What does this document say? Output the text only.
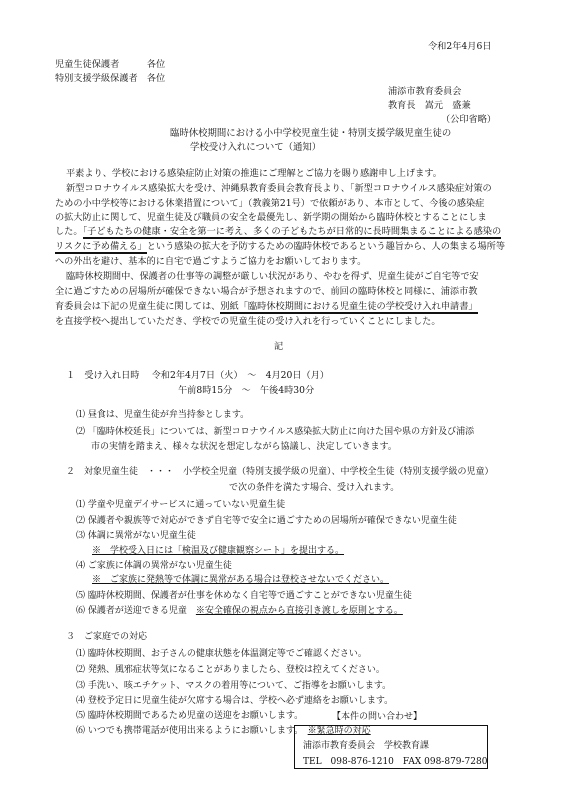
令和2年4月6日
児童生徒保護者　　　各位
特別支援学級保護者　各位
浦添市教育委員会
教育長　嵩元　盛兼
（公印省略）
臨時休校期間における小中学校児童生徒・特別支援学級児童生徒の
学校受け入れについて（通知）
平素より、学校における感染症防止対策の推進にご理解とご協力を賜り感謝申し上げます。
新型コロナウイルス感染拡大を受け、沖縄県教育委員会教育長より、「新型コロナウイルス感染症対策の
ための小中学校等における休業措置について」（教義第21号）で依頼があり、本市として、今後の感染症
の拡大防止に関して、児童生徒及び職員の安全を最優先し、新学期の開始から臨時休校とすることにしま
した。「子どもたちの健康・安全を第一に考え、多くの子どもたちが日常的に長時間集まることによる感染の
リスクに予め備える」という感染の拡大を予防するための臨時休校であるという趣旨から、人の集まる場所等
への外出を避け、基本的に自宅で過ごすようご協力をお願いしております。
臨時休校期間中、保護者の仕事等の調整が厳しい状況があり、やむを得ず、児童生徒がご自宅等で安
全に過ごすための居場所が確保できない場合が予想されますので、前回の臨時休校と同様に、浦添市教
育委員会は下記の児童生徒に関しては、別紙「臨時休校期間における児童生徒の学校受け入れ申請書」
を直接学校へ提出していただき、学校での児童生徒の受け入れを行っていくことにしました。
記
１　受け入れ日時　 令和2年4月7日（火）　～　4月20日（月）
午前8時15分　～　午後4時30分
⑴ 昼食は、児童生徒が弁当持参とします。
⑵ 「臨時休校延長」については、新型コロナウイルス感染拡大防止に向けた国や県の方針及び浦添
市の実情を踏まえ、様々な状況を想定しながら協議し、決定していきます。
２　対象児童生徒　・・・　小学校全児童（特別支援学級の児童）、中学校全生徒（特別支援学級の児童）
で次の条件を満たす場合、受け入れます。
⑴ 学童や児童デイサービスに通っていない児童生徒
⑵ 保護者や親族等で対応ができず自宅等で安全に過ごすための居場所が確保できない児童生徒
⑶ 体調に異常がない児童生徒
※　学校受入日には「検温及び健康観察シート」を提出する。
⑷ ご家族に体調の異常がない児童生徒
※　ご家族に発熱等で体調に異常がある場合は登校させないでください。
⑸ 臨時休校期間、保護者が仕事を休めなく自宅等で過ごすことができない児童生徒
⑹ 保護者が送迎できる児童　※安全確保の視点から直接引き渡しを原則とする。
３　ご家庭での対応
⑴ 臨時休校期間、お子さんの健康状態を体温測定等でご確認ください。
⑵ 発熱、風邪症状等気になることがありましたら、登校は控えてください。
⑶ 手洗い、咳エチケット、マスクの着用等について、ご指導をお願いします。
⑷ 登校予定日に児童生徒が欠席する場合は、学校へ必ず連絡をお願いします。
⑸ 臨時休校期間であるため児童の送迎をお願いします。
⑹ いつでも携帯電話が使用出来るようにお願いします。　※緊急時の対応
【本件の問い合わせ】
浦添市教育委員会　学校教育課
TEL　098-876-1210　FAX 098-879-7280
